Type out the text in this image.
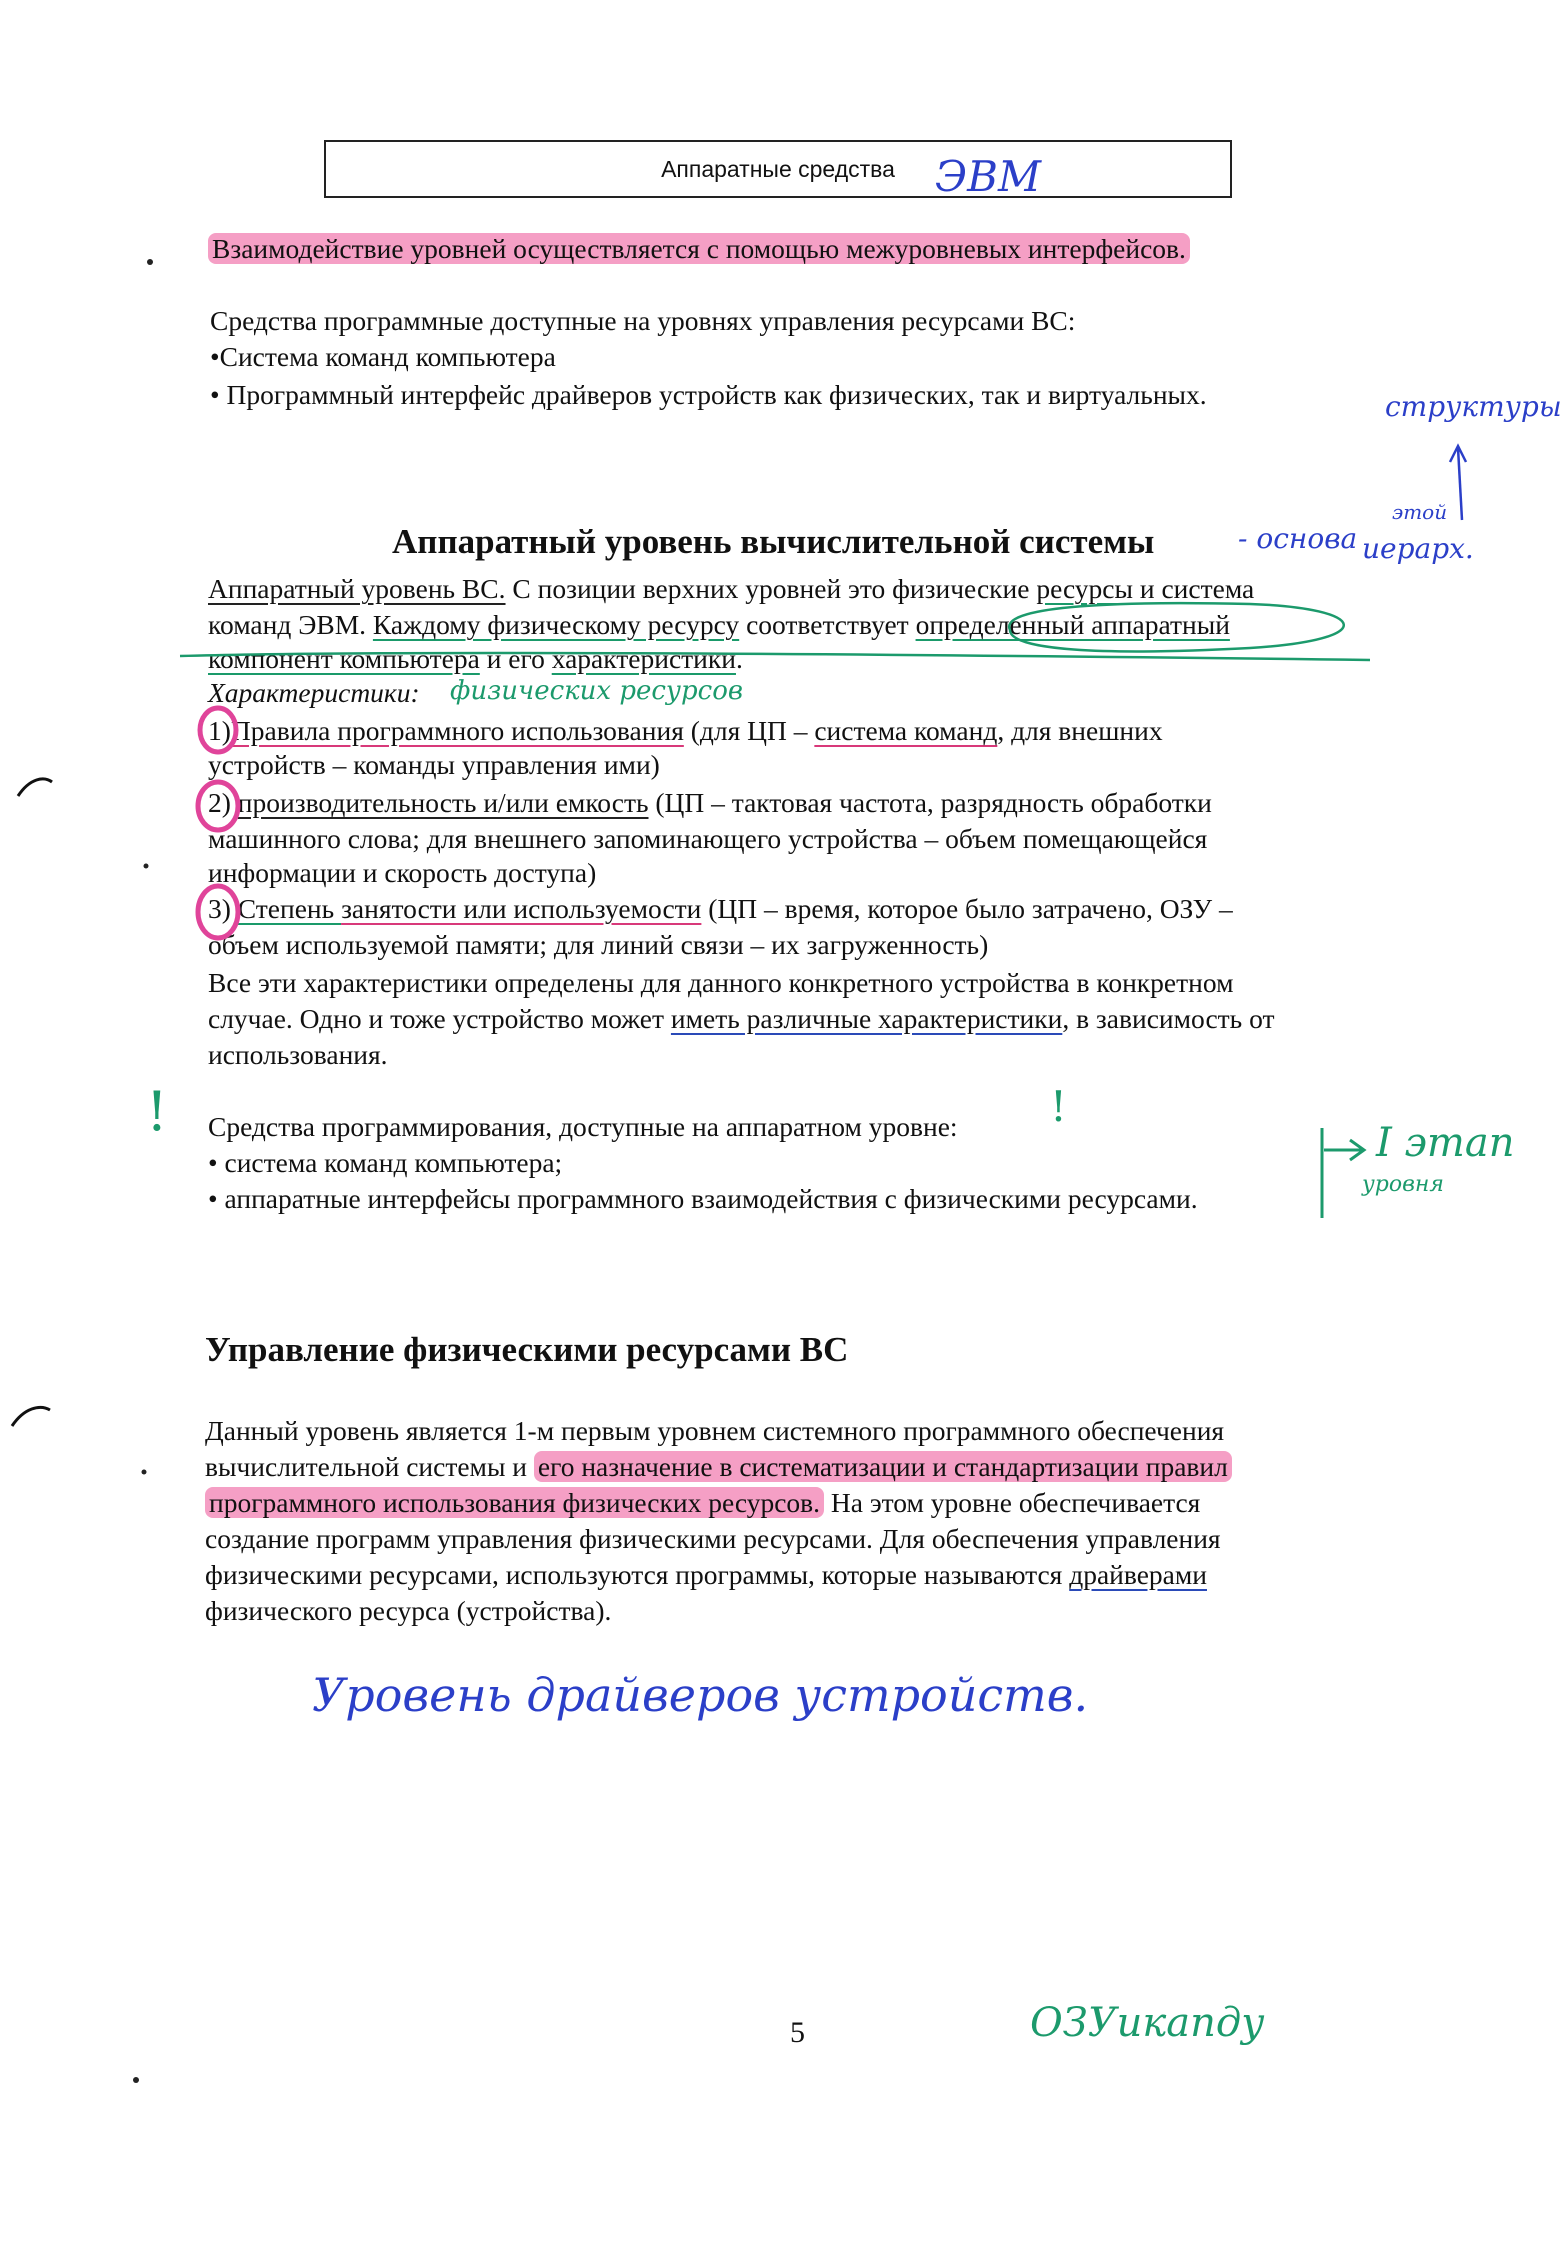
Аппаратные средства ЭВМ
Взаимодействие уровней осуществляется с помощью межуровневых интерфейсов.
Средства программные доступные на уровнях управления ресурсами ВС:
•Система команд компьютера
• Программный интерфейс драйверов устройств как физических, так и виртуальных.
Аппаратный уровень вычислительной системы
Аппаратный уровень ВС. С позиции верхних уровней это физические ресурсы и система
команд ЭВМ. Каждому физическому ресурсу соответствует определенный аппаратный
компонент компьютера и его характеристики.
Характеристики: физических ресурсов
1)Правила программного использования (для ЦП – система команд, для внешних
устройств – команды управления ими)
2) производительность и/или емкость (ЦП – тактовая частота, разрядность обработки
машинного слова; для внешнего запоминающего устройства – объем помещающейся
информации и скорость доступа)
3) Степень занятости или используемости (ЦП – время, которое было затрачено, ОЗУ –
объем используемой памяти; для линий связи – их загруженность)
Все эти характеристики определены для данного конкретного устройства в конкретном
случае. Одно и тоже устройство может иметь различные характеристики, в зависимость от
использования.
Средства программирования, доступные на аппаратном уровне:
• система команд компьютера;
• аппаратные интерфейсы программного взаимодействия с физическими ресурсами.
Управление физическими ресурсами ВС
Данный уровень является 1-м первым уровнем системного программного обеспечения
вычислительной системы и его назначение в систематизации и стандартизации правил
программного использования физических ресурсов. На этом уровне обеспечивается
создание программ управления физическими ресурсами. Для обеспечения управления
физическими ресурсами, используются программы, которые называются драйверами
физического ресурса (устройства).
структуры
этой
- основа иерарх.
I этап
уровня
Уровень драйверов устройств.
ОЗУикапду
!	!
5
